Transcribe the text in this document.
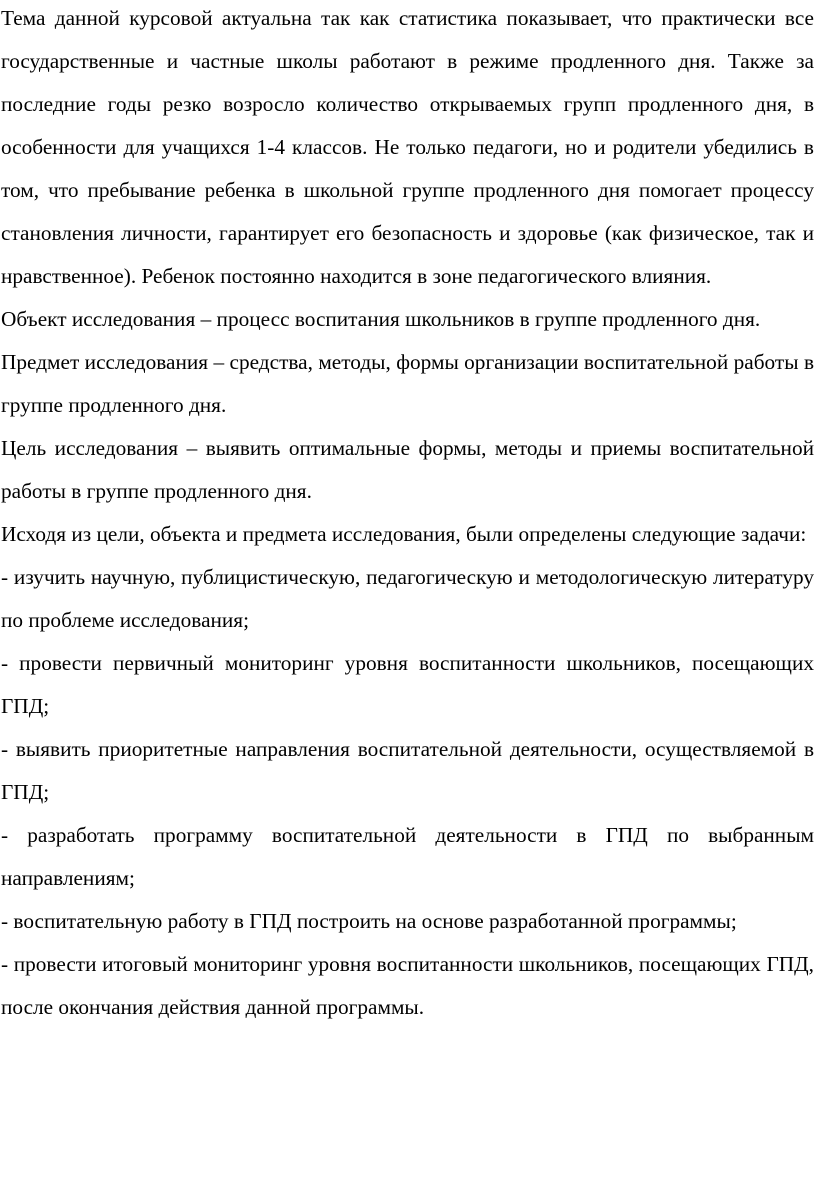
Тема данной курсовой актуальна так как статистика показывает, что практически все государственные и частные школы работают в режиме продленного дня. Также за последние годы резко возросло количество открываемых групп продленного дня, в особенности для учащихся 1-4 классов. Не только педагоги, но и родители убедились в том, что пребывание ребенка в школьной группе продленного дня помогает процессу становления личности, гарантирует его безопасность и здоровье (как физическое, так и нравственное). Ребенок постоянно находится в зоне педагогического влияния.

Объект исследования – процесс воспитания школьников в группе продленного дня.

Предмет исследования – средства, методы, формы организации воспитательной работы в группе продленного дня.

Цель исследования – выявить оптимальные формы, методы и приемы воспитательной работы в группе продленного дня.

Исходя из цели, объекта и предмета исследования, были определены следующие задачи:

- изучить научную, публицистическую, педагогическую и методологическую литературу по проблеме исследования;

- провести первичный мониторинг уровня воспитанности школьников, посещающих ГПД;

- выявить приоритетные направления воспитательной деятельности, осуществляемой в ГПД;

- разработать программу воспитательной деятельности в ГПД по выбранным направлениям;

- воспитательную работу в ГПД построить на основе разработанной программы;

- провести итоговый мониторинг уровня воспитанности школьников, посещающих ГПД, после окончания действия данной программы.
